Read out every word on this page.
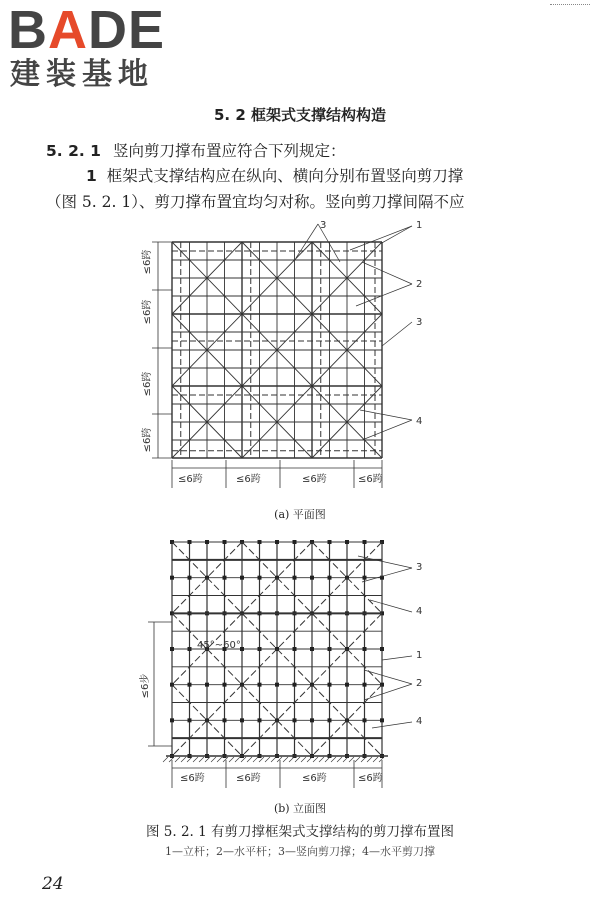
BADE
建装基地
5. 2 框架式支撑结构构造
5. 2. 1 竖向剪刀撑布置应符合下列规定：
1 框架式支撑结构应在纵向、横向分别布置竖向剪刀撑
（图 5. 2. 1）、剪刀撑布置宜均匀对称。竖向剪刀撑间隔不应
3	1
2
3
4
≤6跨
≤6跨
≤6跨
≤6跨
≤6跨	≤6跨	≤6跨	≤6跨
3
4
1
2
4
45°~60°
≤6步
≤6跨	≤6跨	≤6跨	≤6跨
(a) 平面图
(b) 立面图
图 5. 2. 1 有剪刀撑框架式支撑结构的剪刀撑布置图
1—立杆；2—水平杆；3—竖向剪刀撑；4—水平剪刀撑
24
